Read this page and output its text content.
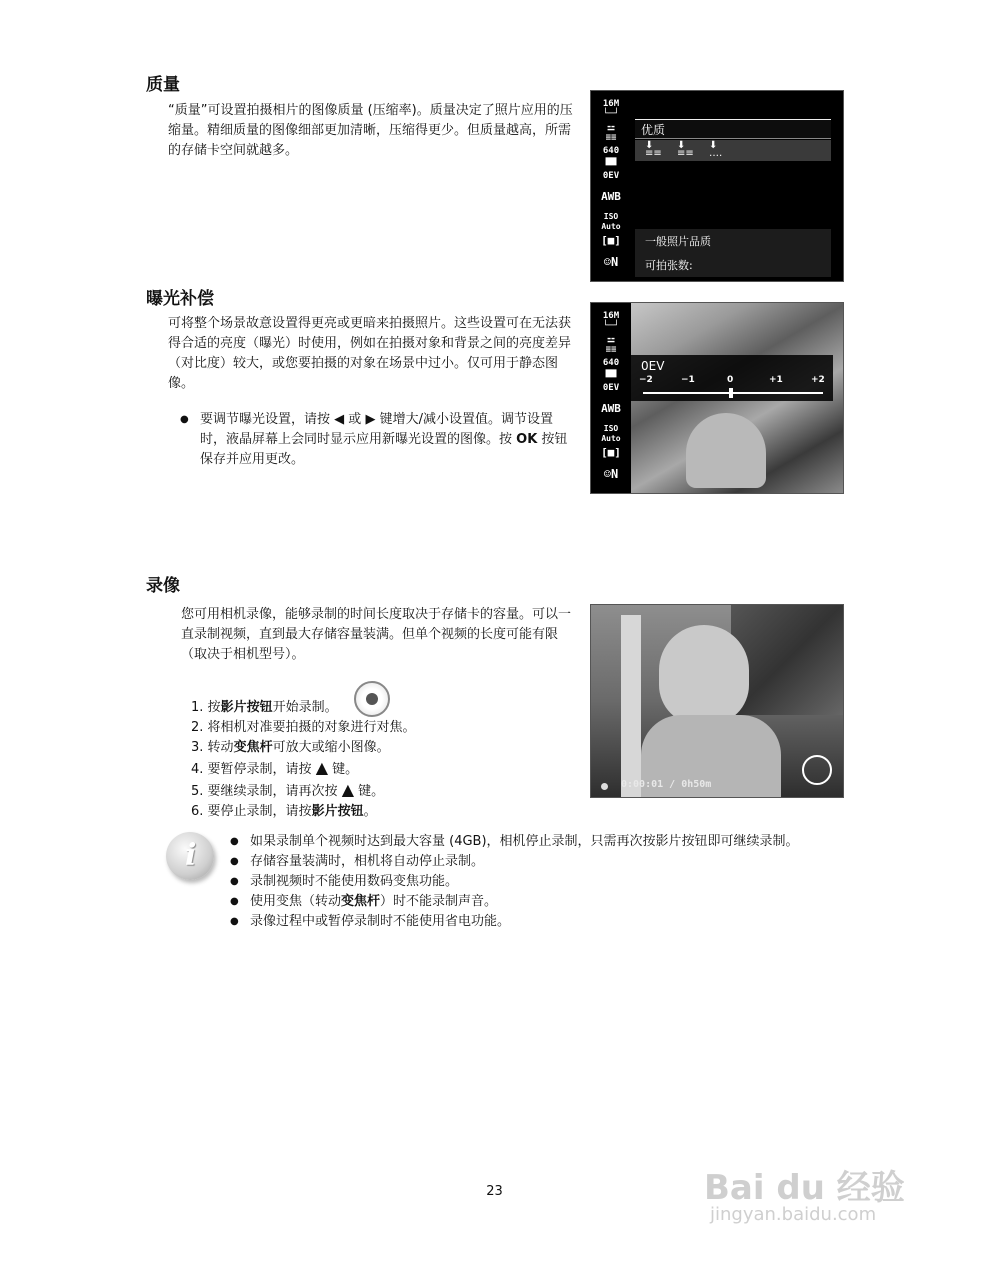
质量

“质量”可设置拍摄相片的图像质量 (压缩率)。质量决定了照片应用的压缩量。精细质量的图像细部更加清晰，压缩得更少。但质量越高，所需的存储卡空间就越多。

16M
└─┘
⚍
≡≡
640
▆▆
0EV
AWB
ISO
Auto
[■]
☺N
优质
⬇
≡≡
⬇
≡≡
⬇
‥‥
一般照片品质
可拍张数:
曝光补偿

可将整个场景故意设置得更亮或更暗来拍摄照片。这些设置可在无法获得合适的亮度（曝光）时使用，例如在拍摄对象和背景之间的亮度差异（对比度）较大，或您要拍摄的对象在场景中过小。仅可用于静态图像。

● 要调节曝光设置，请按 ◀ 或 ▶ 键增大/减小设置值。调节设置时，液晶屏幕上会同时显示应用新曝光设置的图像。按 OK 按钮保存并应用更改。
16M
└─┘
⚍
≡≡
640
▆▆
0EV
AWB
ISO
Auto
[■]
☺N
0EV
−2	−1	0	+1	+2
录像

您可用相机录像，能够录制的时间长度取决于存储卡的容量。可以一直录制视频，直到最大存储容量装满。但单个视频的长度可能有限（取决于相机型号）。

1. 按影片按钮开始录制。
2. 将相机对准要拍摄的对象进行对焦。
3. 转动变焦杆可放大或缩小图像。
4. 要暂停录制，请按 ▲ 键。
5. 要继续录制，请再次按 ▲ 键。
6. 要停止录制，请按影片按钮。
0:00:01 / 0h50m
i
●	如果录制单个视频时达到最大容量 (4GB)，相机停止录制，只需再次按影片按钮即可继续录制。
● 存储容量装满时，相机将自动停止录制。
● 录制视频时不能使用数码变焦功能。
● 使用变焦（转动变焦杆）时不能录制声音。
● 录像过程中或暂停录制时不能使用省电功能。
23	Bai du 经验
jingyan.baidu.com
